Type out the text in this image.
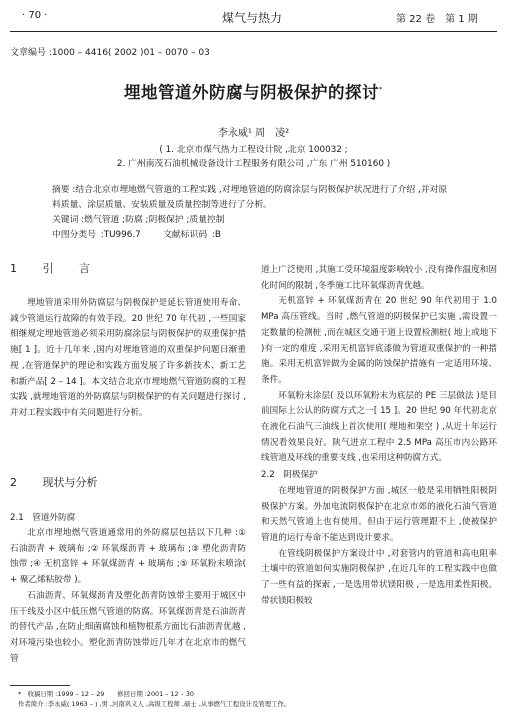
· 70 ·	煤气与热力	第 22 卷　第 1 期
文章编号 :1000 – 4416( 2002 )01 – 0070 – 03
埋地管道外防腐与阴极保护的探讨*
李永威¹ 周　凌²
( 1. 北京市煤气热力工程设计院 ,北京 100032 ;
2. 广州南茂石油机械设备设计工程服务有限公司 ,广东 广州 510160 )
摘要 :结合北京市埋地燃气管道的工程实践 ,对埋地管道的防腐涂层与阴极保护状况进行了介绍 ,并对原料质量、涂层质量、安装质量及质量控制等进行了分析。
关键词 :燃气管道 ;防腐 ;阴极保护 ;质量控制
中图分类号 :TU996.7　　 文献标识码 :B
1 引 言

埋地管道采用外防腐层与阴极保护是延长管道使用寿命、减少管道运行故障的有效手段。20 世纪 70 年代初 ,一些国家相继规定埋地管道必须采用防腐涂层与阴极保护的双重保护措施[ 1 ]。近十几年来 ,国内对埋地管道的双重保护问题日渐重视 ,在管道保护的理论和实践方面发展了许多新技术、新工艺和新产品[ 2 – 14 ]。本文结合北京市埋地燃气管道防腐的工程实践 ,就埋地管道的外防腐层与阴极保护的有关问题进行探讨 ,并对工程实践中有关问题进行分析。

2 现状与分析
2.1　管道外防腐

北京市埋地燃气管道通常用的外防腐层包括以下几种 :①石油沥青 + 玻璃布 ;② 环氧煤沥青 + 玻璃布 ;③ 塑化沥青防蚀带 ;④ 无机富锌 + 环氧煤沥青 + 玻璃布 ;⑤ 环氧粉末喷涂( + 聚乙烯粘胶带 )。

石油沥青、环氧煤沥青及塑化沥青防蚀带主要用于城区中压干线及小区中低压燃气管道的防腐。环氧煤沥青是石油沥青的替代产品 ,在防止细菌腐蚀和植物根系方面比石油沥青优越 ,对环境污染也较小。塑化沥青防蚀带近几年才在北京市的燃气管

道上广泛使用 ,其施工受环境温度影响较小 ,没有操作温度和固化时间的限制 ,冬季施工比环氧煤沥青优越。

无机富锌 + 环氧煤沥青在 20 世纪 90 年代初用于 1.0 MPa 高压管线。当时 ,燃气管道的阴极保护已实施 ,需设置一定数量的检测桩 ,而在城区交通干道上设置检测桩( 地上或地下 )有一定的难度 ,采用无机富锌底漆做为管道双重保护的一种措施。采用无机富锌做为金属的防蚀保护措施有一定适用环境、条件。

环氧粉末涂层( 及以环氧粉末为底层的 PE 三层做法 )是目前国际上公认的防腐方式之一[ 15 ]。20 世纪 90 年代初北京在液化石油气三油线上首次使用( 埋地和架空 ) ,从近十年运行情况看效果良好。陕气进京工程中 2.5 MPa 高压市内公路环线管道及环线的重要支线 ,也采用这种防腐方式。

2.2　阴极保护

在埋地管道的阴极保护方面 ,城区一般是采用牺牲阳极阴极保护方案。外加电流阴极保护在北京市郊的液化石油气管道和天然气管道上也有使用。但由于运行管理跟不上 ,使被保护管道的运行寿命不能达到设计要求。

在管线阴极保护方案设计中 ,对套管内的管道和高电阻率土壤中的管道如何实施阴极保护 ,在近几年的工程实践中也做了一些有益的探索 ,一是选用带状镁阳极 ,一是选用柔性阳极。带状镁阳极较

*　收稿日期 :1999 – 12 – 29　　修回日期 :2001 – 12 – 30
作者简介 :李永威( 1963 – ) ,男 ,河南巩义人 ,高级工程师 ,硕士 ,从事燃气工程设计及管理工作。
